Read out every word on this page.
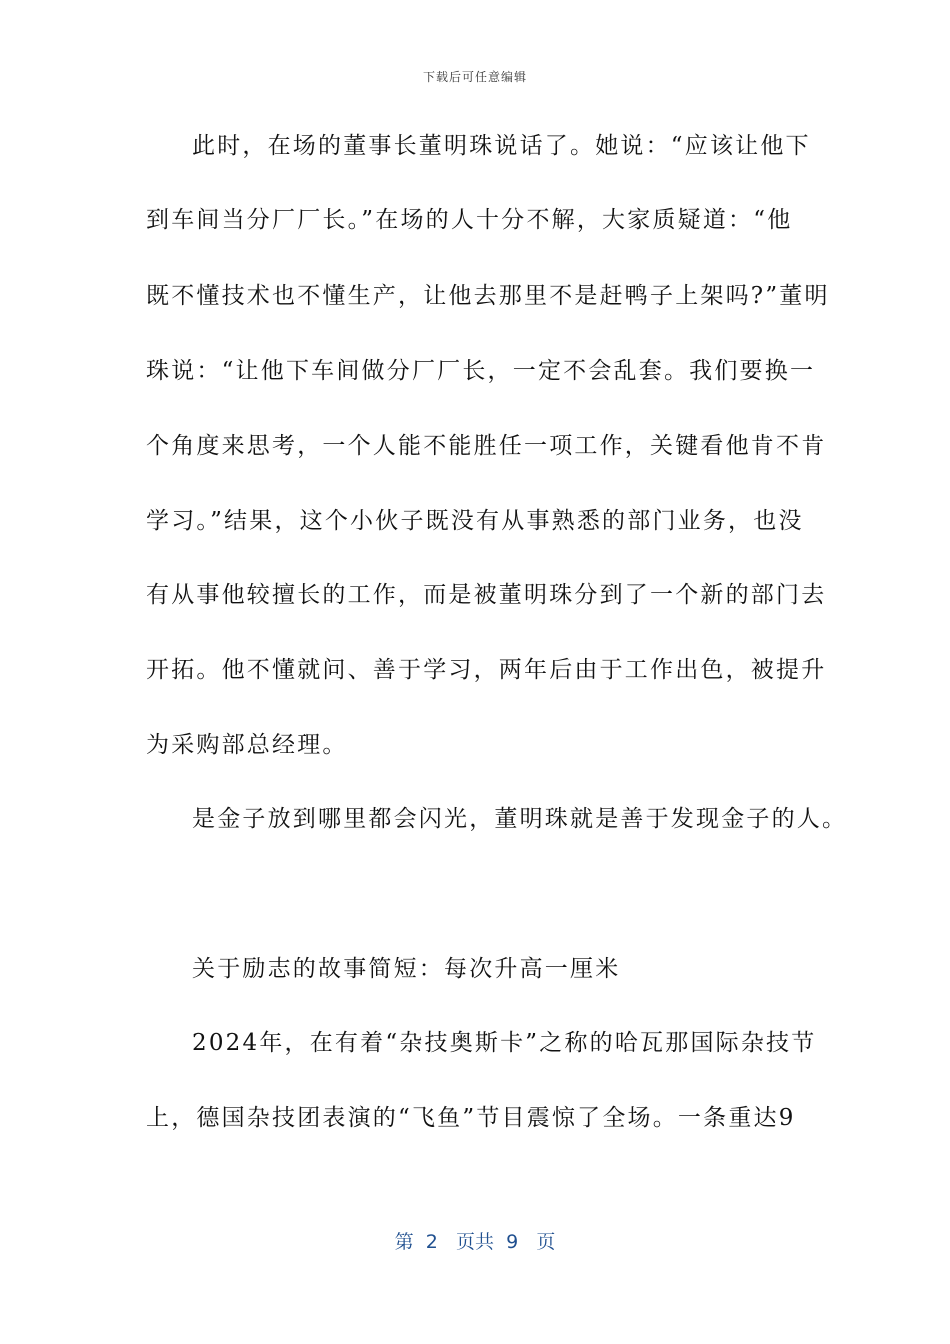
下载后可任意编辑
此时，在场的董事长董明珠说话了。她说：“应该让他下
到车间当分厂厂长。”在场的人十分不解，大家质疑道：“他
既不懂技术也不懂生产，让他去那里不是赶鸭子上架吗?”董明
珠说：“让他下车间做分厂厂长，一定不会乱套。我们要换一
个角度来思考，一个人能不能胜任一项工作，关键看他肯不肯
学习。”结果，这个小伙子既没有从事熟悉的部门业务，也没
有从事他较擅长的工作，而是被董明珠分到了一个新的部门去
开拓。他不懂就问、善于学习，两年后由于工作出色，被提升
为采购部总经理。
是金子放到哪里都会闪光，董明珠就是善于发现金子的人。
关于励志的故事简短：每次升高一厘米
2024年，在有着“杂技奥斯卡”之称的哈瓦那国际杂技节
上，德国杂技团表演的“飞鱼”节目震惊了全场。一条重达9
第 2 页共 9 页
